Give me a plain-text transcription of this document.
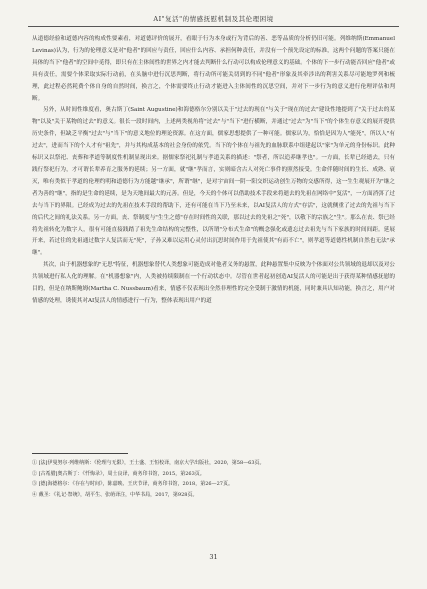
AI"复活"的情感抚慰机制及其伦理困境

从道德经验和道德内容的构成性要素看，对道德评价的展开，看眼于行为本身或行为背后的善、恶等品质的分析仍旧可能。列维纳斯(Emmanuel Levinas)认为，行为的伦理意义是对"他者"的回应与责任，回应什么内容、承担何种责任，并没有一个预先设定的标准，这两个问题的答案只能在具体的当下"他者"的空间中觅得，即只有在主体间性的世界之内才能去判断什么行动可以构成伦理意义的基础。个体的下一步行动能否回应"他者"或具有责任，需要个体采取实际行动前，在头脑中进行沉思判断，将行动所可能关切到的不同"他者"形象及其牵涉出的利害关系尽可能地罗列和梳理，此过程必然耗费个体自身的自然时间，换言之，个体需要终止行动才能进入主体间性的沉思空间，并对下一步行为的意义进行伦理评估和判断。

另外，从时间性维度看，奥古斯丁(Saint Augustine)和海德格尔分别以关于"过去的现在"与关于"现在的过去"建设性地提到了"关于过去的某物"以及"关于某物的过去"的意义。很长一段时间内，上述两类视角将"过去"与"当下"进行横断，并通过"过去"为"当下"的个体生存意义的展开提供历史条件，但缺乏平衡"过去"与"当下"的意义地位的理论资源。在这方面，儒家思想提供了一种可能。儒家认为，恰恰是因为人"能死"，所以人"有过去"，进而当下的个人才有"祖先"，并与其构成基本的社会身份的依凭。当下的个体在与祖先的血脉联系中组建起以"家"为单元的身份标识。此种标识又以祭祀、丧葬和孝道等制度性机制显现出来。据儒家祭祀礼制与孝道关系的描述："祭者，所以追养继孝也"。一方面，长辈已经逝去，只有践行祭祀行为，才可谓长辈养育之服务的延续；另一方面，就"继"孝而言，实则暗含古人对死亡事件的照然接受。生命伴随时间的生长、成熟、衰灭，唯有类似于孝道的伦理约明和道德行为方能越"继承"，所谓"继"，是对宇宙间一阴一阳交织运动创生万物的交感所得，这一生生观展开为"继之者为善的"继"，指的是生命的延续，是为天地间最大的元善。但是，今天的个体可以借助技术手段来将逝去的先祖在网络中"复活"，一方面消弭了过去与当下的界限。已经成为过去的先祖在技术手段的帮助下，还有可能在当下乃至未来，以AI复活人的方式"存活"，这就侧重了过去的先祖与当下的后代之间的礼法关系。另一方面，丧、祭制度与"生生之德"存在时间性的关联，那以过去的先祖之"死"，以敬下的宗族之"生"。那么在丧、祭已经将先祖转化为数字人，很有可能直接践踏了祖先生命结构的完整性，以所谓"分布式生命"的概念强化或遗忘过去祖先与当下家族的时间间距。延展开来，若过往的先祖通过数字人复活而无"死"，子孙又难以运用心灵付出沉思时间作用于先祖使其"有而不亡"，则孝道等道德性机制自然也无法"承继"。

其次，由于机器想象的"无思"特征，机器想象替代人类想象可能造成对他者义务的悬置，此种悬置集中反映为个体面对公共领域的退却以及对公共领域进行私人化的理解。在"机器想象"内，人类被持续限制在一个行动状态中。尽管在世者起初创造AI复活人的可能是出于获得某种情感抚慰的目的，但是在纳斯鲍姆(Martha C. Nussbaum)看来，情感不仅表现出全然非理性的完全受制于激情的机能，同时兼具认知功能，换言之，用户对情感的处理，诱使其对AI复活人的情感进行一行为，整体表现出用户的道

① [法]伊曼努尔·列维纳斯：《伦理与无限》，王士盛、王恒校译，南京大学出版社，2020，第58—63页。
② [古希腊]奥古斯丁：《忏悔录》，周士良译，商务印书馆，2015，第263页。
③ [德]海德格尔：《存在与时间》，陈嘉映、王庆节译，商务印书馆，2018，第26—27页。
④ 戴圣：《礼记·祭统》，胡平生、张萌译注，中华书局，2017，第928页。
31
